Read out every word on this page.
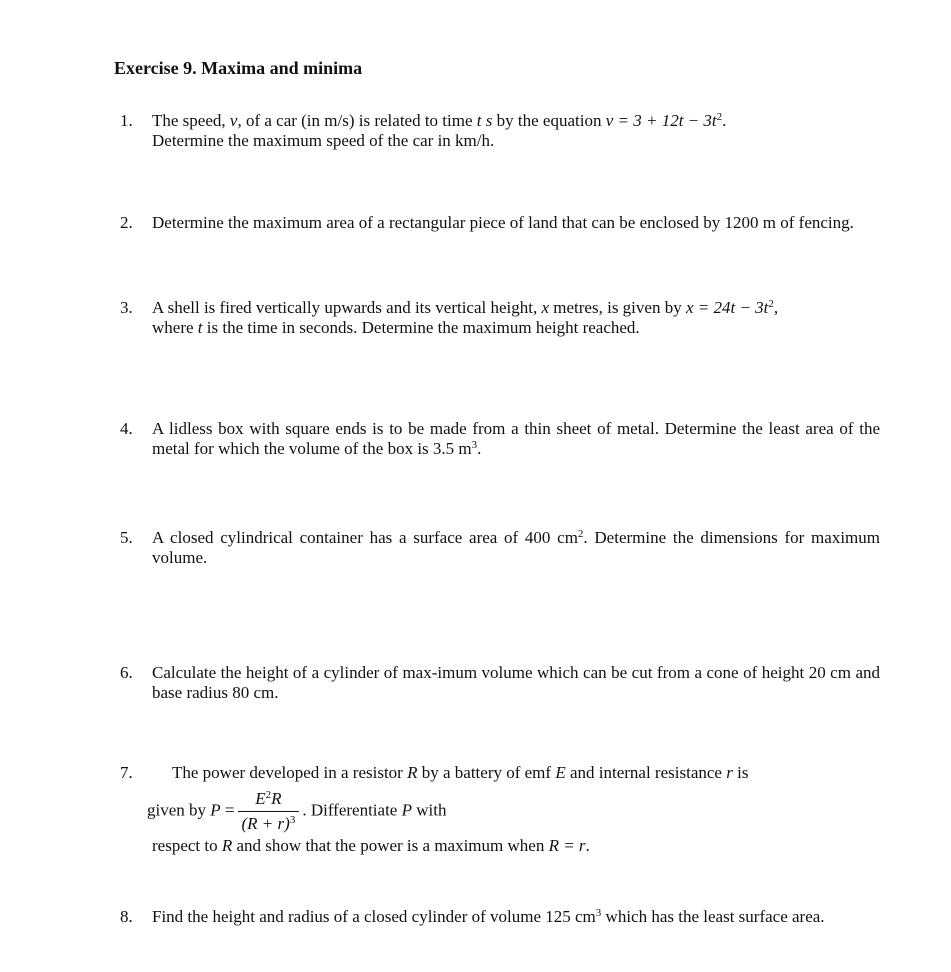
Exercise 9. Maxima and minima
1.	The speed, v, of a car (in m/s) is related to time t s by the equation $v = 3 + 12t - 3t^2$.

Determine the maximum speed of the car in km/h.

2.	Determine the maximum area of a rectangular piece of land that can be enclosed by 1200 m of fencing.

3.	A shell is fired vertically upwards and its vertical height, x metres, is given by $x = 24t - 3t^2$,

where t is the time in seconds. Determine the maximum height reached.

4.	A lidless box with square ends is to be made from a thin sheet of metal. Determine the least area of the metal for which the volume of the box is 3.5 $m^3$.

5.	A closed cylindrical container has a surface area of 400 $cm^2$. Determine the dimensions for maximum volume.

6.	Calculate the height of a cylinder of max-imum volume which can be cut from a cone of height 20 cm and base radius 80 cm.

7.	The power developed in a resistor R by a battery of emf E and internal resistance r is

given by $P = \frac{E^2R}{(R + r)^3}$ . Differentiate P with

respect to R and show that the power is a maximum when R = r.

8.	Find the height and radius of a closed cylinder of volume 125 $cm^3$ which has the least surface area.
